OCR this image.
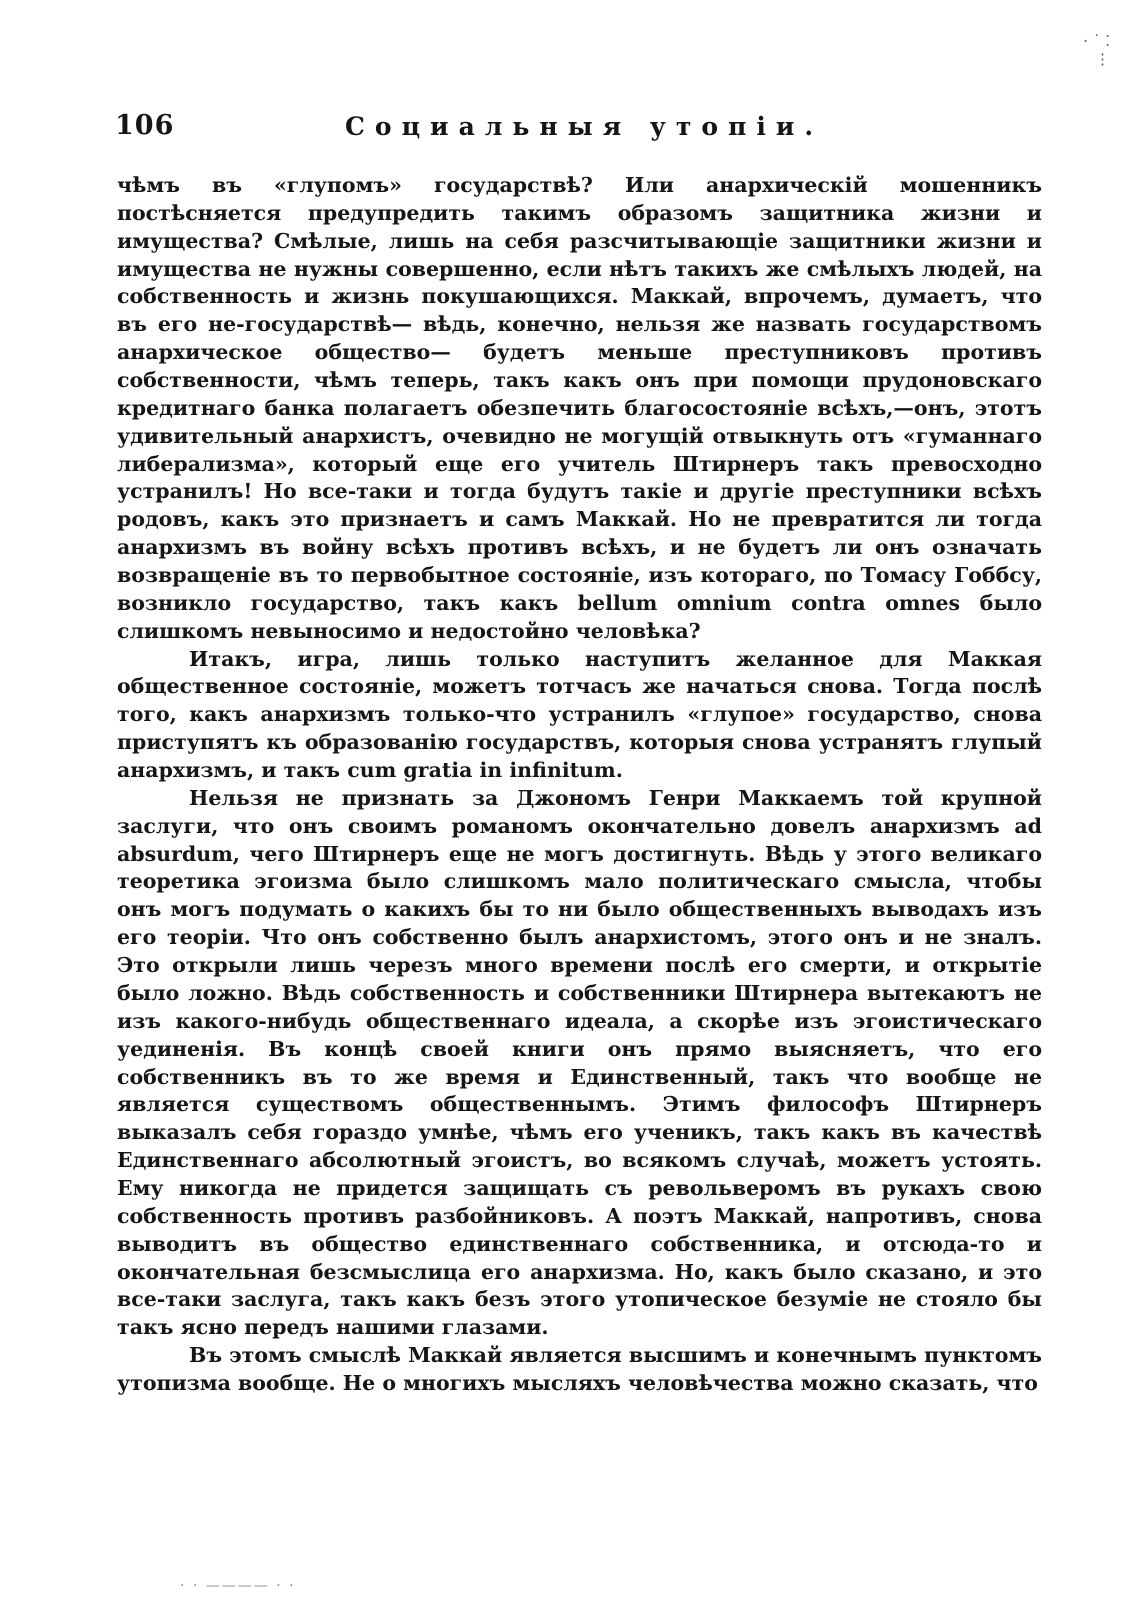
⋅ ˙ ⁚
⋮
106	Социальныя утопіи.

чѣмъ въ «глупомъ» государствѣ? Или анархическій мошенникъ постѣсняется предупредить такимъ образомъ защитника жизни и имущества? Смѣлые, лишь на себя разсчитывающіе защитники жизни и имущества не нужны совершенно, если нѣтъ такихъ же смѣлыхъ людей, на собственность и жизнь покушающихся. Маккай, впрочемъ, думаетъ, что въ его не-государствѣ— вѣдь, конечно, нельзя же назвать государствомъ анархическое общество— будетъ меньше преступниковъ противъ собственности, чѣмъ теперь, такъ какъ онъ при помощи прудоновскаго кредитнаго банка полагаетъ обезпечить благосостояніе всѣхъ,—онъ, этотъ удивительный анархистъ, очевидно не могущій отвыкнуть отъ «гуманнаго либерализма», который еще его учитель Штирнеръ такъ превосходно устранилъ! Но все-таки и тогда будутъ такіе и другіе преступники всѣхъ родовъ, какъ это признаетъ и самъ Маккай. Но не превратится ли тогда анархизмъ въ войну всѣхъ противъ всѣхъ, и не будетъ ли онъ означать возвращеніе въ то первобытное состояніе, изъ котораго, по Томасу Гоббсу, возникло государство, такъ какъ bellum omnium contra omnes было слишкомъ невыносимо и недостойно человѣка?

Итакъ, игра, лишь только наступитъ желанное для Маккая общественное состояніе, можетъ тотчасъ же начаться снова. Тогда послѣ того, какъ анархизмъ только-что устранилъ «глупое» государство, снова приступятъ къ образованію государствъ, которыя снова устранятъ глупый анархизмъ, и такъ cum gratia in infinitum.

Нельзя не признать за Джономъ Генри Маккаемъ той крупной заслуги, что онъ своимъ романомъ окончательно довелъ анархизмъ ad absurdum, чего Штирнеръ еще не могъ достигнуть. Вѣдь у этого великаго теоретика эгоизма было слишкомъ мало политическаго смысла, чтобы онъ могъ подумать о какихъ бы то ни было общественныхъ выводахъ изъ его теоріи. Что онъ собственно былъ анархистомъ, этого онъ и не зналъ. Это открыли лишь черезъ много времени послѣ его смерти, и открытіе было ложно. Вѣдь собственность и собственники Штирнера вытекаютъ не изъ какого-нибудь общественнаго идеала, а скорѣе изъ эгоистическаго уединенія. Въ концѣ своей книги онъ прямо выясняетъ, что его собственникъ въ то же время и Единственный, такъ что вообще не является существомъ общественнымъ. Этимъ философъ Штирнеръ выказалъ себя гораздо умнѣе, чѣмъ его ученикъ, такъ какъ въ качествѣ Единственнаго абсолютный эгоистъ, во всякомъ случаѣ, можетъ устоять. Ему никогда не придется защищать съ револьверомъ въ рукахъ свою собственность противъ разбойниковъ. А поэтъ Маккай, напротивъ, снова выводитъ въ общество единственнаго собственника, и отсюда-то и окончательная безсмыслица его анархизма. Но, какъ было сказано, и это все-таки заслуга, такъ какъ безъ этого утопическое безуміе не стояло бы такъ ясно передъ нашими глазами.

Въ этомъ смыслѣ Маккай является высшимъ и конечнымъ пунктомъ утопизма вообще. Не о многихъ мысляхъ человѣчества можно сказать, что

· · ———— · ·
